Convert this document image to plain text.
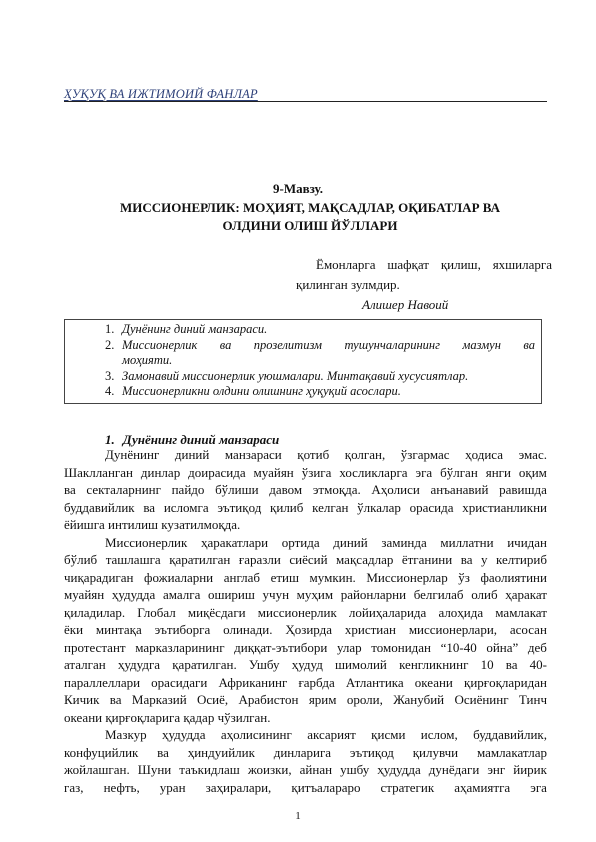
ҲУҚУҚ ВА ИЖТИМОИЙ ФАНЛАР
9-Мавзу.
МИССИОНЕРЛИК: МОҲИЯТ, МАҚСАДЛАР, ОҚИБАТЛАР ВА
ОЛДИНИ ОЛИШ ЙЎЛЛАРИ
Ёмонларга шафқат қилиш, яхшиларга
қилинган зулмдир.
Алишер Навоий
1. Дунёнинг диний манзараси.
2. Миссионерлик ва прозелитизм тушунчаларининг мазмун ва
моҳияти.
3. Замонавий миссионерлик уюшмалари. Минтақавий хусусиятлар.
4. Миссионерликни олдини олишнинг ҳуқуқий асослари.
1. Дунёнинг диний манзараси
Дунёнинг диний манзараси қотиб қолган, ўзгармас ҳодиса эмас.
Шаклланган динлар доирасида муайян ўзига хосликларга эга бўлган янги оқим
ва секталарнинг пайдо бўлиши давом этмоқда. Аҳолиси анъанавий равишда
буддавийлик ва исломга эътиқод қилиб келган ўлкалар орасида христианликни
ёйишга интилиш кузатилмоқда.
Миссионерлик ҳаракатлари ортида диний заминда миллатни ичидан
бўлиб ташлашга қаратилган ғаразли сиёсий мақсадлар ётганини ва у келтириб
чиқарадиган фожиаларни англаб етиш мумкин. Миссионерлар ўз фаолиятини
муайян ҳудудда амалга ошириш учун муҳим районларни белгилаб олиб ҳаракат
қиладилар. Глобал миқёсдаги миссионерлик лойиҳаларида алоҳида мамлакат
ёки минтақа эътиборга олинади. Ҳозирда христиан миссионерлари, асосан
протестант марказларининг диққат-эътибори улар томонидан “10-40 ойна” деб
аталган ҳудудга қаратилган. Ушбу ҳудуд шимолий кенгликнинг 10 ва 40-
параллеллари орасидаги Африканинг ғарбда Атлантика океани қирғоқларидан
Кичик ва Марказий Осиё, Арабистон ярим ороли, Жанубий Осиёнинг Тинч
океани қирғоқларига қадар чўзилган.
Мазкур ҳудудда аҳолисининг аксарият қисми ислом, буддавийлик,
конфуцийлик ва ҳиндуийлик динларига эътиқод қилувчи мамлакатлар
жойлашган. Шуни таъкидлаш жоизки, айнан ушбу ҳудудда дунёдаги энг йирик
газ, нефть, уран заҳиралари, қитъалараро стратегик аҳамиятга эга
1
